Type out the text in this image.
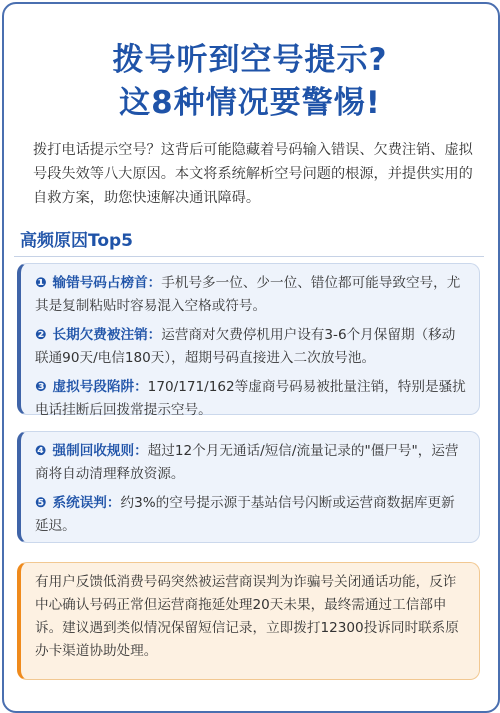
拨号听到空号提示?
这8种情况要警惕!
拨打电话提示空号？这背后可能隐藏着号码输入错误、欠费注销、虚拟号段失效等八大原因。本文将系统解析空号问题的根源，并提供实用的自救方案，助您快速解决通讯障碍。
高频原因Top5
❶ 输错号码占榜首：手机号多一位、少一位、错位都可能导致空号，尤其是复制粘贴时容易混入空格或符号。
❷ 长期欠费被注销：运营商对欠费停机用户设有3-6个月保留期（移动联通90天/电信180天），超期号码直接进入二次放号池。
❸ 虚拟号段陷阱：170/171/162等虚商号码易被批量注销，特别是骚扰电话挂断后回拨常提示空号。
❹ 强制回收规则：超过12个月无通话/短信/流量记录的"僵尸号"，运营商将自动清理释放资源。
❺ 系统误判：约3%的空号提示源于基站信号闪断或运营商数据库更新延迟。
有用户反馈低消费号码突然被运营商误判为诈骗号关闭通话功能，反诈中心确认号码正常但运营商拖延处理20天未果，最终需通过工信部申诉。建议遇到类似情况保留短信记录，立即拨打12300投诉同时联系原办卡渠道协助处理。
